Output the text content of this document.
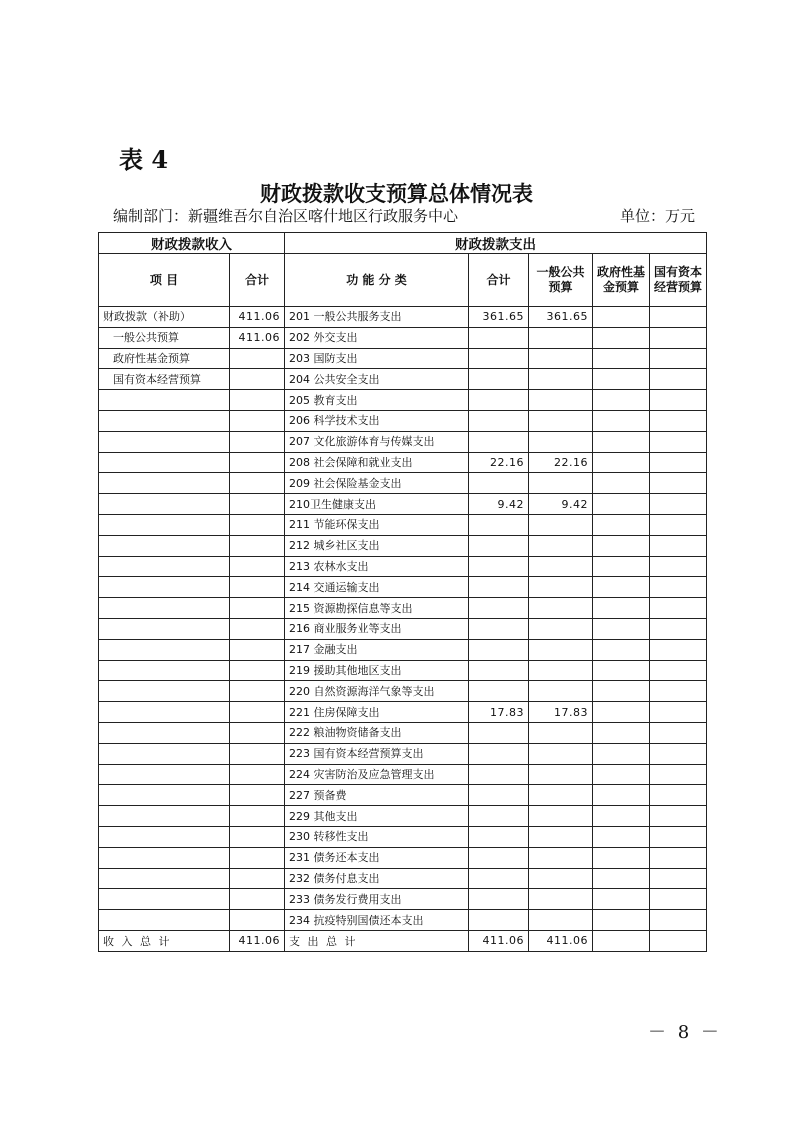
表 4
财政拨款收支预算总体情况表
编制部门：新疆维吾尔自治区喀什地区行政服务中心	单位：万元
财政拨款收入		财政拨款支出				
项 目	合计	功 能 分 类	合计	一般公共预算	政府性基金预算	国有资本经营预算
财政拨款（补助）	411.06	201 一般公共服务支出	361.65	361.65		
一般公共预算	411.06	202 外交支出				
政府性基金预算		203 国防支出				
国有资本经营预算		204 公共安全支出				
		205 教育支出				
		206 科学技术支出				
		207 文化旅游体育与传媒支出				
		208 社会保障和就业支出	22.16	22.16		
		209 社会保险基金支出				
		210卫生健康支出	9.42	9.42		
		211 节能环保支出				
		212 城乡社区支出				
		213 农林水支出				
		214 交通运输支出				
		215 资源勘探信息等支出				
		216 商业服务业等支出				
		217 金融支出				
		219 援助其他地区支出				
		220 自然资源海洋气象等支出				
		221 住房保障支出	17.83	17.83		
		222 粮油物资储备支出				
		223 国有资本经营预算支出				
		224 灾害防治及应急管理支出				
		227 预备费				
		229 其他支出				
		230 转移性支出				
		231 债务还本支出				
		232 债务付息支出				
		233 债务发行费用支出				
		234 抗疫特别国债还本支出				
收 入 总 计	411.06	支 出 总 计	411.06	411.06		
－ 8 －
